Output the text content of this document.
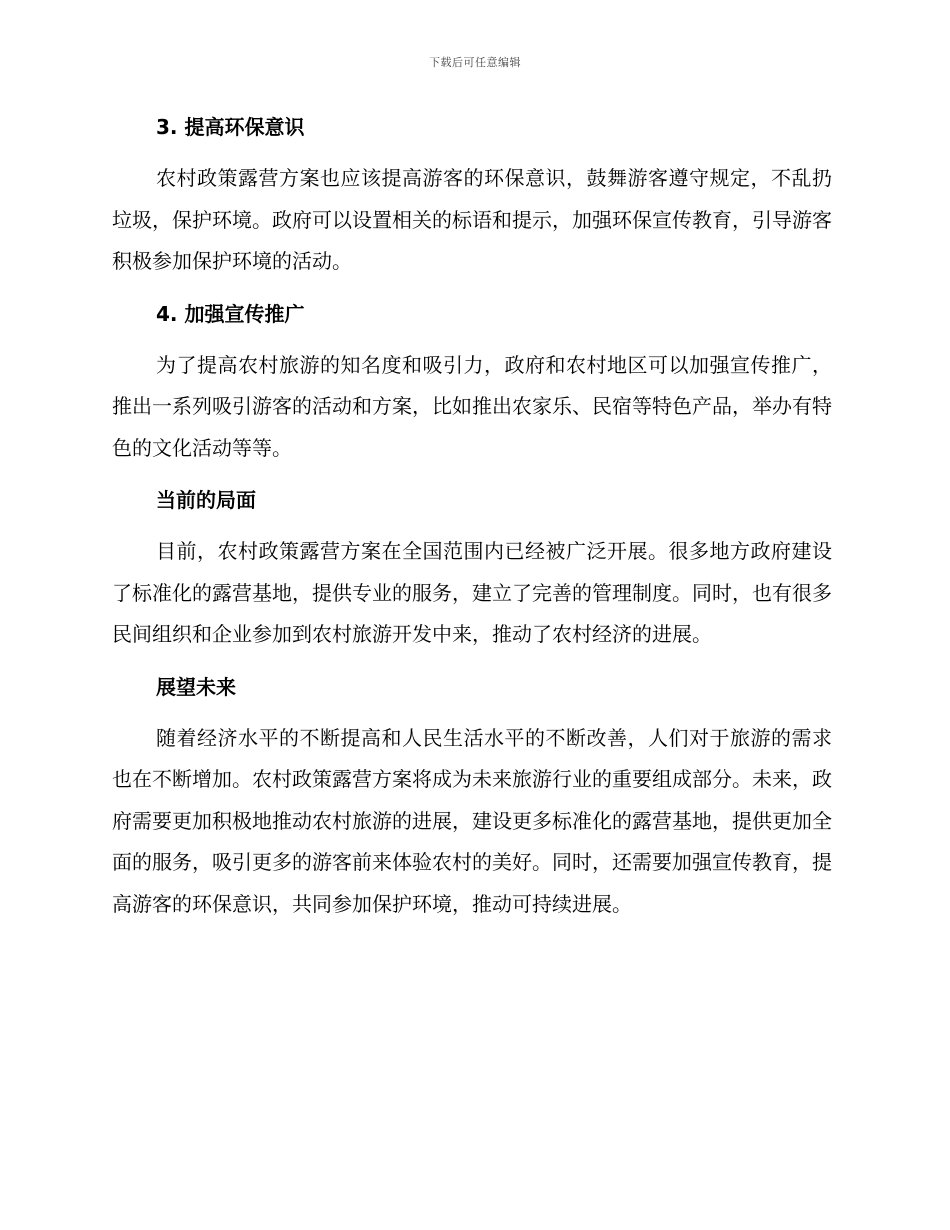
下载后可任意编辑
3. 提高环保意识

农村政策露营方案也应该提高游客的环保意识，鼓舞游客遵守规定，不乱扔垃圾，保护环境。政府可以设置相关的标语和提示，加强环保宣传教育，引导游客积极参加保护环境的活动。

4. 加强宣传推广

为了提高农村旅游的知名度和吸引力，政府和农村地区可以加强宣传推广，推出一系列吸引游客的活动和方案，比如推出农家乐、民宿等特色产品，举办有特色的文化活动等等。

当前的局面

目前，农村政策露营方案在全国范围内已经被广泛开展。很多地方政府建设了标准化的露营基地，提供专业的服务，建立了完善的管理制度。同时，也有很多民间组织和企业参加到农村旅游开发中来，推动了农村经济的进展。

展望未来

随着经济水平的不断提高和人民生活水平的不断改善，人们对于旅游的需求也在不断增加。农村政策露营方案将成为未来旅游行业的重要组成部分。未来，政府需要更加积极地推动农村旅游的进展，建设更多标准化的露营基地，提供更加全面的服务，吸引更多的游客前来体验农村的美好。同时，还需要加强宣传教育，提高游客的环保意识，共同参加保护环境，推动可持续进展。
